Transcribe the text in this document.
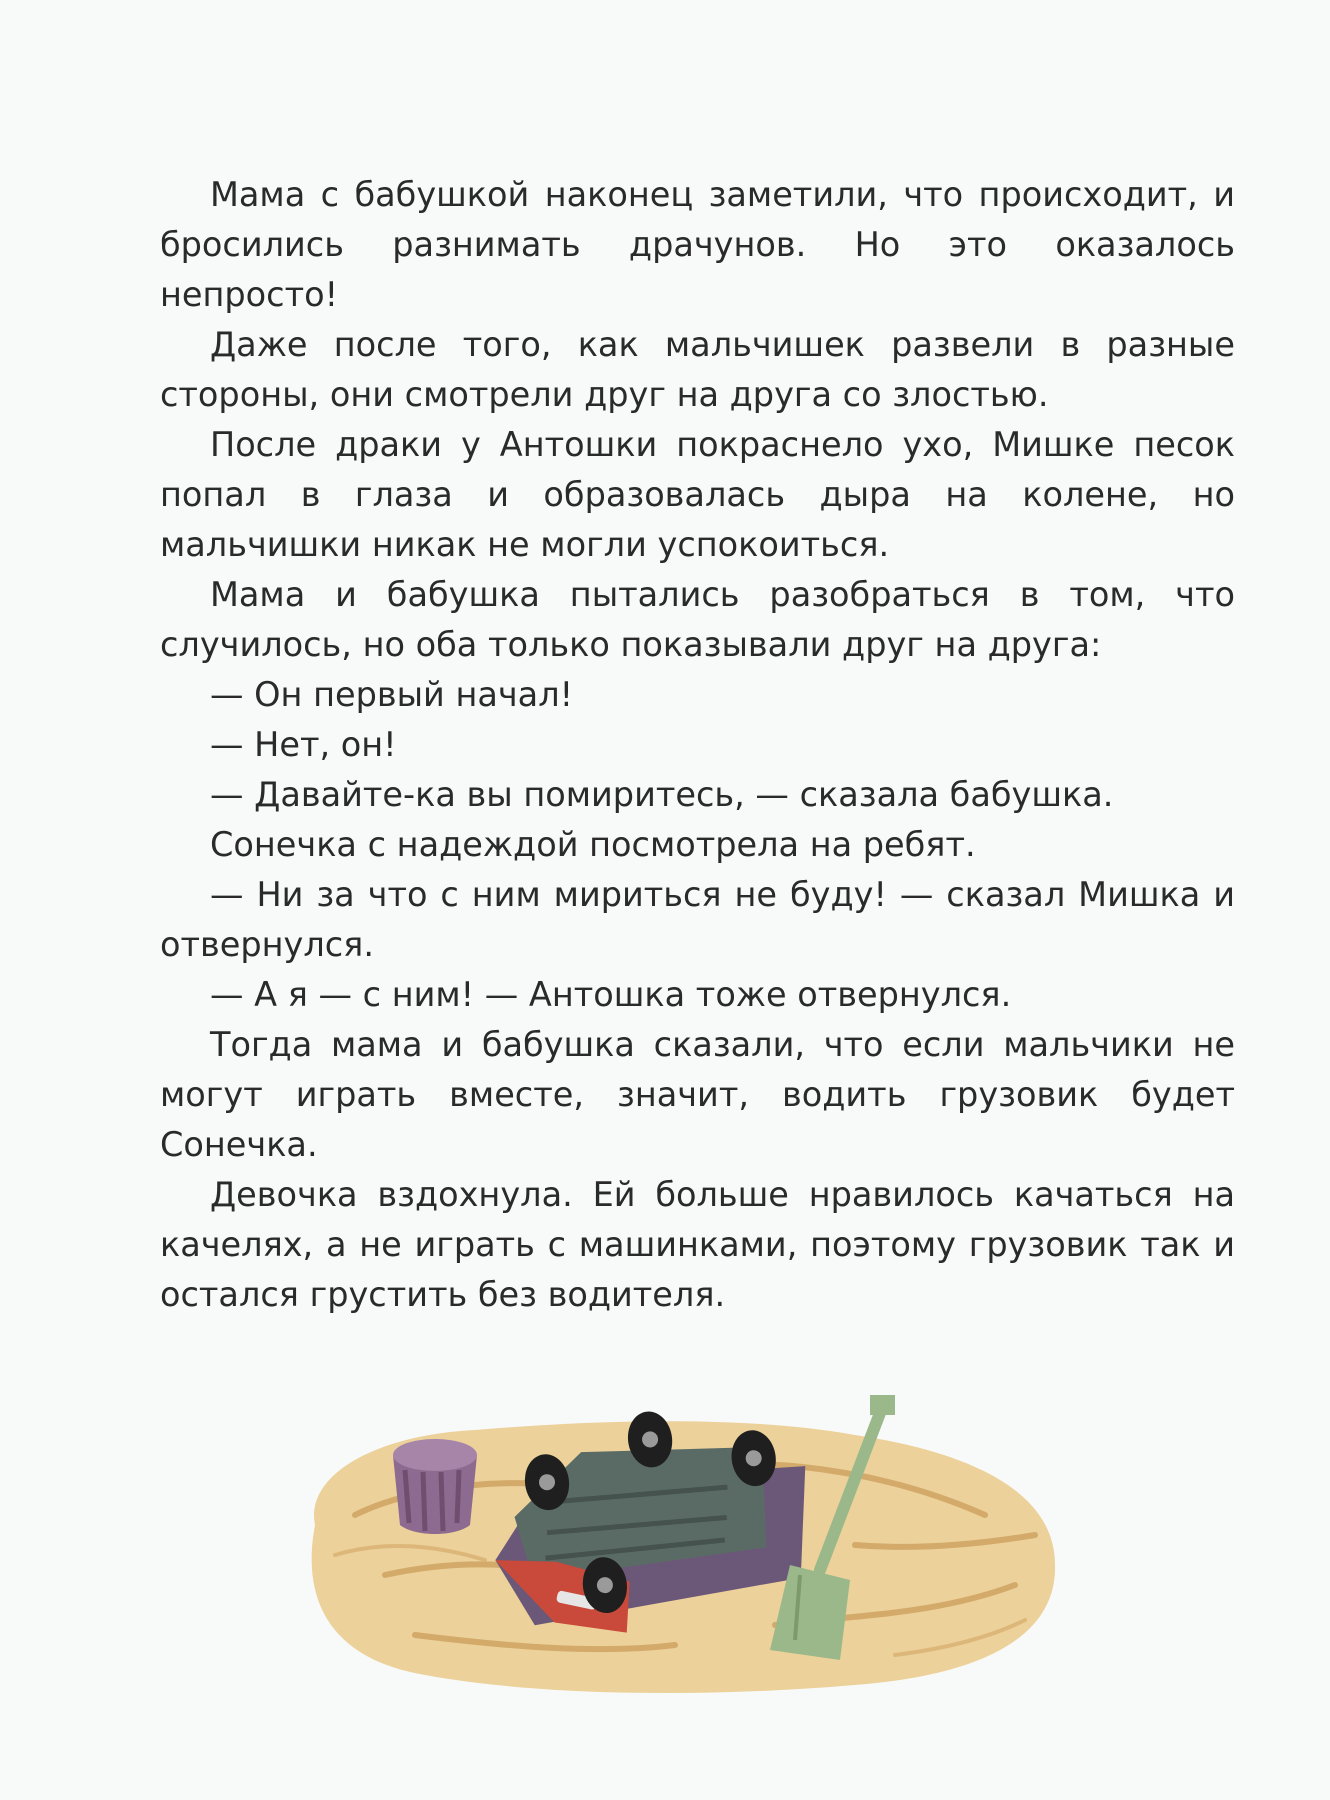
Мама с бабушкой наконец заметили, что происходит, и бросились разнимать драчунов. Но это оказалось непросто!

Даже после того, как мальчишек развели в разные стороны, они смотрели друг на друга со злостью.

После драки у Антошки покраснело ухо, Мишке песок попал в глаза и образовалась дыра на колене, но мальчишки никак не могли успокоиться.

Мама и бабушка пытались разобраться в том, что случилось, но оба только показывали друг на друга:

— Он первый начал!

— Нет, он!

— Давайте-ка вы помиритесь, — сказала бабушка.

Сонечка с надеждой посмотрела на ребят.

— Ни за что с ним мириться не буду! — сказал Мишка и отвернулся.

— А я — с ним! — Антошка тоже отвернулся.

Тогда мама и бабушка сказали, что если мальчики не могут играть вместе, значит, водить грузовик будет Сонечка.

Девочка вздохнула. Ей больше нравилось качаться на качелях, а не играть с машинками, поэтому грузовик так и остался грустить без водителя.
